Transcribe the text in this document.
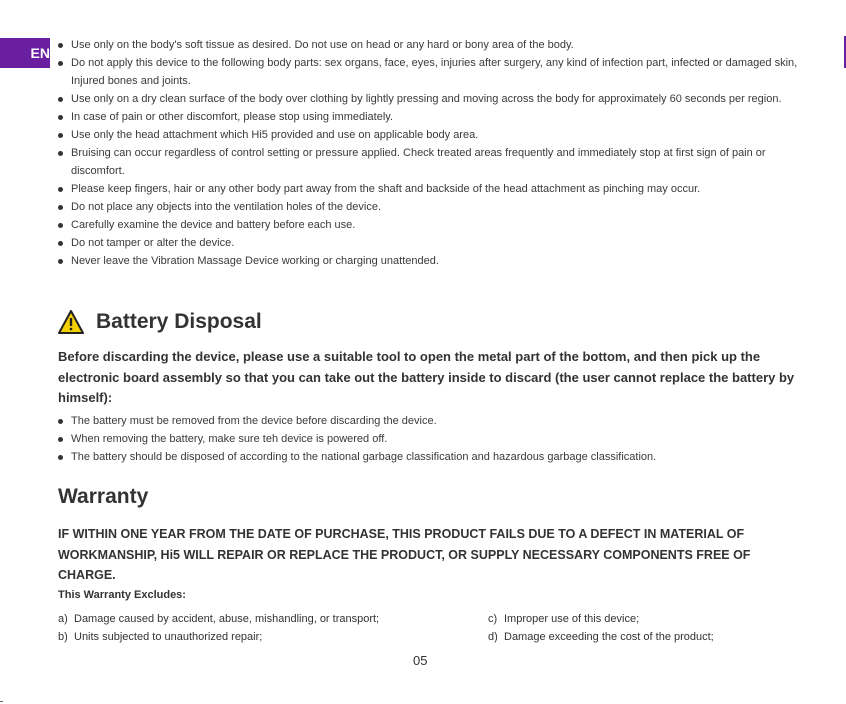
EN	Use only on the body's soft tissue as desired. Do not use on head or any hard or bony area of the body.
Do not apply this device to the following body parts: sex organs, face, eyes, injuries after surgery, any kind of infection part, infected or damaged skin, Injured bones and joints.
Use only on a dry clean surface of the body over clothing by lightly pressing and moving across the body for approximately 60 seconds per region.
In case of pain or other discomfort, please stop using immediately.
Use only the head attachment which Hi5 provided and use on applicable body area.
Bruising can occur regardless of control setting or pressure applied. Check treated areas frequently and immediately stop at first sign of pain or discomfort.
Please keep fingers, hair or any other body part away from the shaft and backside of the head attachment as pinching may occur.
Do not place any objects into the ventilation holes of the device.
Carefully examine the device and battery before each use.
Do not tamper or alter the device.
Never leave the Vibration Massage Device working or charging unattended.
Battery Disposal
Before discarding the device, please use a suitable tool to open the metal part of the bottom, and then pick up the electronic board assembly so that you can take out the battery inside to discard (the user cannot replace the battery by himself):
The battery must be removed from the device before discarding the device.
When removing the battery, make sure teh device is powered off.
The battery should be disposed of according to the national garbage classification and hazardous garbage classification.
Warranty
IF WITHIN ONE YEAR FROM THE DATE OF PURCHASE, THIS PRODUCT FAILS DUE TO A DEFECT IN MATERIAL OF WORKMANSHIP, Hi5 WILL REPAIR OR REPLACE THE PRODUCT, OR SUPPLY NECESSARY COMPONENTS FREE OF CHARGE.
This Warranty Excludes:
a) Damage caused by accident, abuse, mishandling, or transport;
b) Units subjected to unauthorized repair;
c) Improper use of this device;
d) Damage exceeding the cost of the product;
05
